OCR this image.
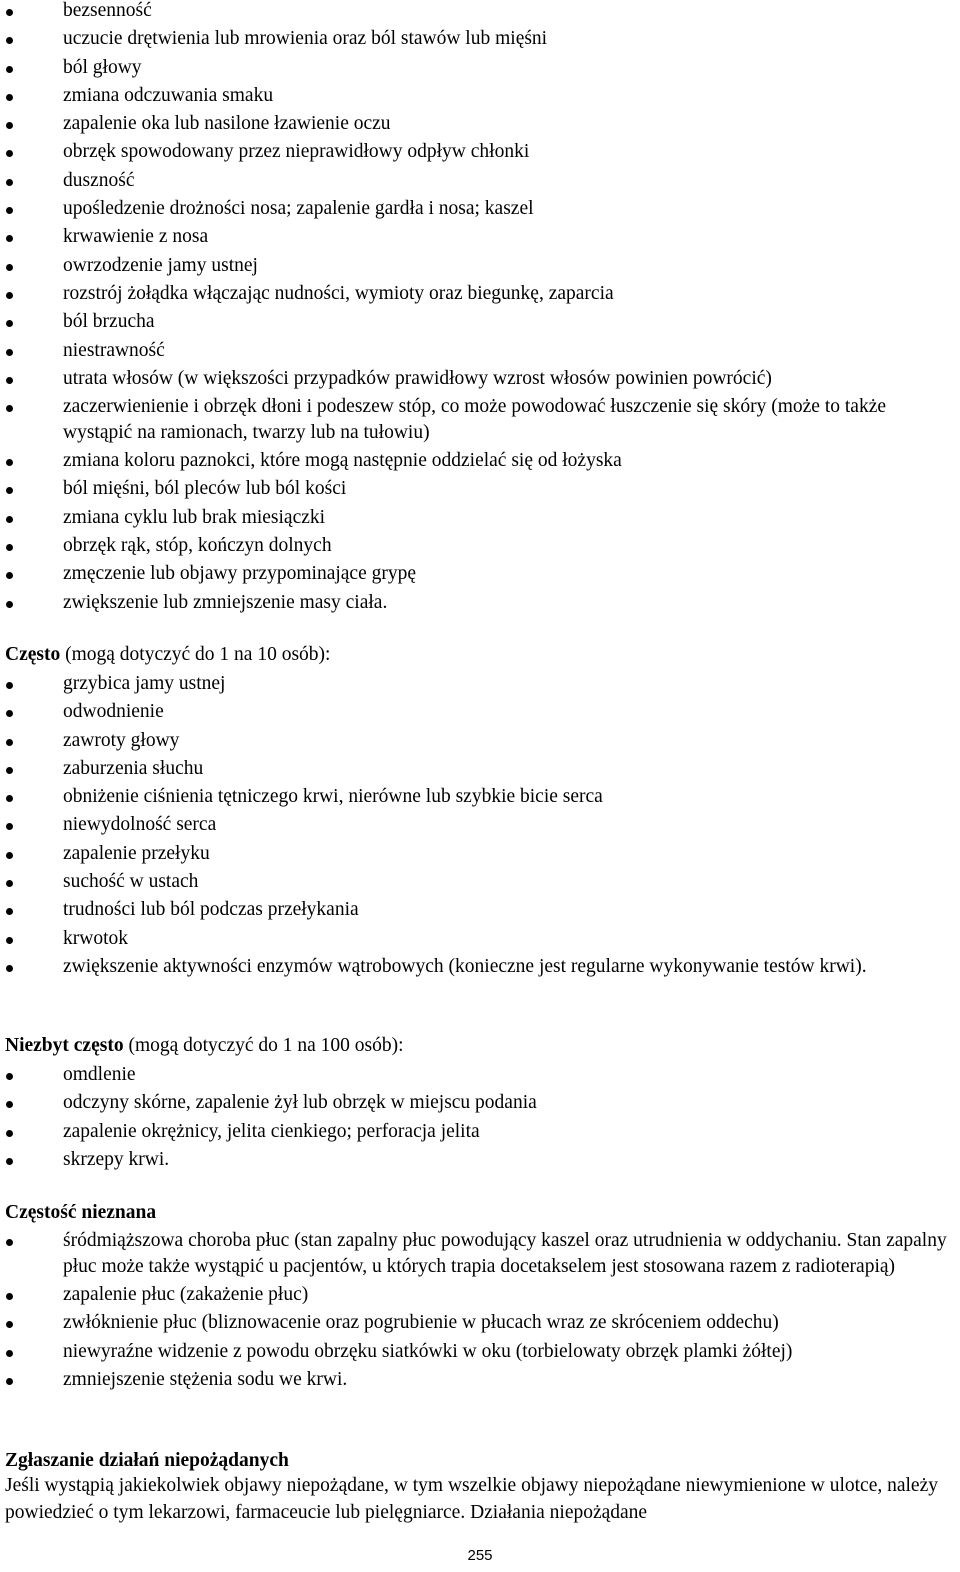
bezsenność
uczucie drętwienia lub mrowienia oraz ból stawów lub mięśni
ból głowy
zmiana odczuwania smaku
zapalenie oka lub nasilone łzawienie oczu
obrzęk spowodowany przez nieprawidłowy odpływ chłonki
duszność
upośledzenie drożności nosa; zapalenie gardła i nosa; kaszel
krwawienie z nosa
owrzodzenie jamy ustnej
rozstrój żołądka włączając nudności, wymioty oraz biegunkę, zaparcia
ból brzucha
niestrawność
utrata włosów (w większości przypadków prawidłowy wzrost włosów powinien powrócić)
zaczerwienienie i obrzęk dłoni i podeszew stóp, co może powodować łuszczenie się skóry (może to także wystąpić na ramionach, twarzy lub na tułowiu)
zmiana koloru paznokci, które mogą następnie oddzielać się od łożyska
ból mięśni, ból pleców lub ból kości
zmiana cyklu lub brak miesiączki
obrzęk rąk, stóp, kończyn dolnych
zmęczenie lub objawy przypominające grypę
zwiększenie lub zmniejszenie masy ciała.
Często (mogą dotyczyć do 1 na 10 osób):
grzybica jamy ustnej
odwodnienie
zawroty głowy
zaburzenia słuchu
obniżenie ciśnienia tętniczego krwi, nierówne lub szybkie bicie serca
niewydolność serca
zapalenie przełyku
suchość w ustach
trudności lub ból podczas przełykania
krwotok
zwiększenie aktywności enzymów wątrobowych (konieczne jest regularne wykonywanie testów krwi).
Niezbyt często (mogą dotyczyć do 1 na 100 osób):
omdlenie
odczyny skórne, zapalenie żył lub obrzęk w miejscu podania
zapalenie okrężnicy, jelita cienkiego; perforacja jelita
skrzepy krwi.
Częstość nieznana
śródmiąższowa choroba płuc (stan zapalny płuc powodujący kaszel oraz utrudnienia w oddychaniu. Stan zapalny płuc może także wystąpić u pacjentów, u których trapia docetakselem jest stosowana razem z radioterapią)
zapalenie płuc (zakażenie płuc)
zwłóknienie płuc (bliznowacenie oraz pogrubienie w płucach wraz ze skróceniem oddechu)
niewyraźne widzenie z powodu obrzęku siatkówki w oku (torbielowaty obrzęk plamki żółtej)
zmniejszenie stężenia sodu we krwi.
Zgłaszanie działań niepożądanych
Jeśli wystąpią jakiekolwiek objawy niepożądane, w tym wszelkie objawy niepożądane niewymienione w ulotce, należy powiedzieć o tym lekarzowi, farmaceucie lub pielęgniarce. Działania niepożądane
255
